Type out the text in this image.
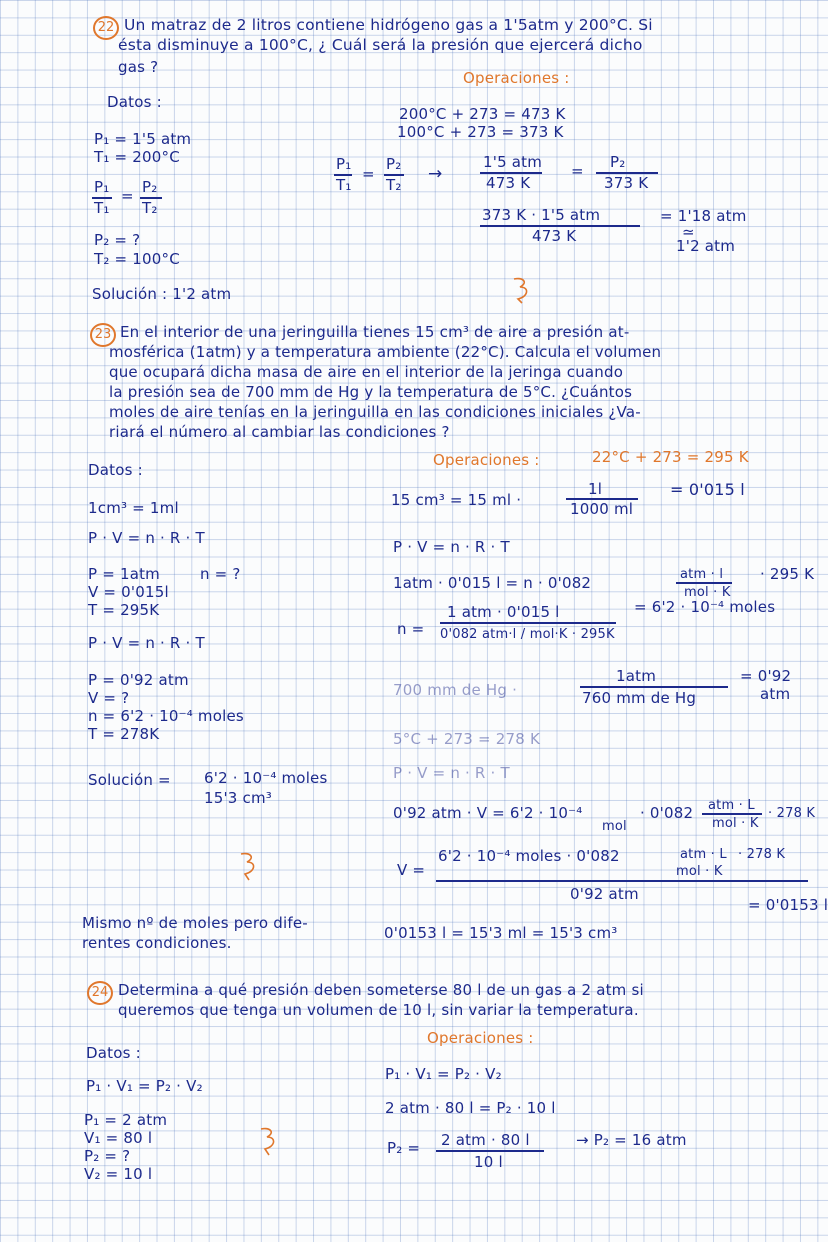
22 Un matraz de 2 litros contiene hidrógeno gas a 1'5atm y 200°C. Si
ésta disminuye a 100°C, ¿ Cuál será la presión que ejercerá dicho
gas ?
Operaciones :
Datos :
200°C + 273 = 473 K
100°C + 273 = 373 K
P₁ = 1'5 atm
T₁ = 200°C
P₁
T₁
= P₂
T₂
P₁
T₁
=
P₂
T₂
→
1'5 atm
473 K
= P₂
373 K
373 K · 1'5 atm
473 K
= 1'18 atm
≃
1'2 atm
P₂ = ?
T₂ = 100°C
Solución : 1'2 atm
23 En el interior de una jeringuilla tienes 15 cm³ de aire a presión at-
mosférica (1atm) y a temperatura ambiente (22°C). Calcula el volumen
que ocupará dicha masa de aire en el interior de la jeringa cuando
la presión sea de 700 mm de Hg y la temperatura de 5°C. ¿Cuántos
moles de aire tenías en la jeringuilla en las condiciones iniciales ¿Va-
riará el número al cambiar las condiciones ?
Operaciones :	22°C + 273 = 295 K
Datos :
1cm³ = 1ml	15 cm³ = 15 ml ·
1l
1000 ml
= 0'015 l
P · V = n · R · T	P · V = n · R · T
P = 1atm	n = ?
V = 0'015l
T = 295K
1atm · 0'015 l = n · 0'082	atm · l
mol · K
· 295 K
n =
1 atm · 0'015 l
0'082 atm·l / mol·K · 295K
= 6'2 · 10⁻⁴ moles
P · V = n · R · T
700 mm de Hg ·
1atm
760 mm de Hg
= 0'92
atm
P = 0'92 atm
V = ?
n = 6'2 · 10⁻⁴ moles
T = 278K	5°C + 273 = 278 K
P · V = n · R · T
Solución = 6'2 · 10⁻⁴ moles
15'3 cm³
0'92 atm · V = 6'2 · 10⁻⁴
mol
· 0'082 atm · L
mol · K
· 278 K
V =
6'2 · 10⁻⁴ moles · 0'082	atm · L
mol · K
· 278 K
0'92 atm
= 0'0153 l
Mismo nº de moles pero dife-
rentes condiciones.
0'0153 l = 15'3 ml = 15'3 cm³
24 Determina a qué presión deben someterse 80 l de un gas a 2 atm si
queremos que tenga un volumen de 10 l, sin variar la temperatura.
Operaciones :
Datos :
P₁ · V₁ = P₂ · V₂
P₁ · V₁ = P₂ · V₂
2 atm · 80 l = P₂ · 10 l
P₁ = 2 atm
V₁ = 80 l
P₂ = ?
V₂ = 10 l
P₂ = 2 atm · 80 l
10 l
→ P₂ = 16 atm
